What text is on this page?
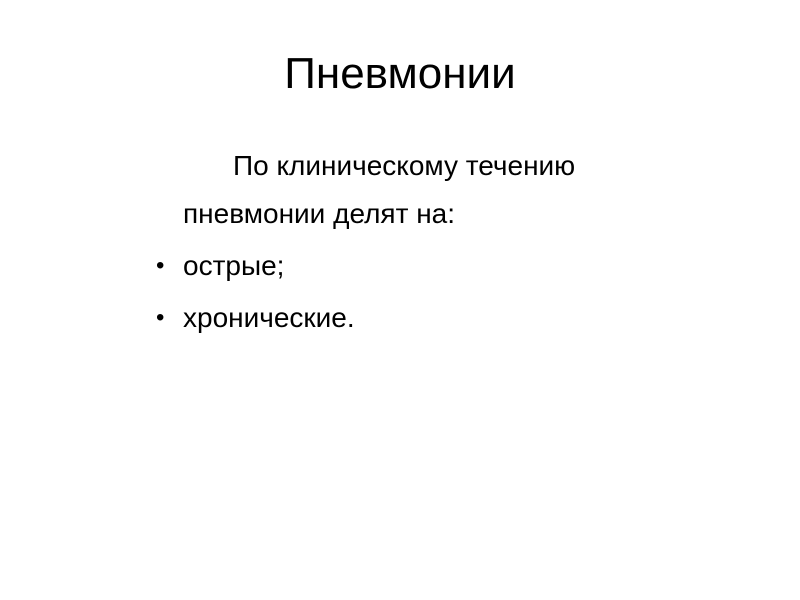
Пневмонии

По клиническому течению пневмонии делят на:

• острые;
• хронические.
